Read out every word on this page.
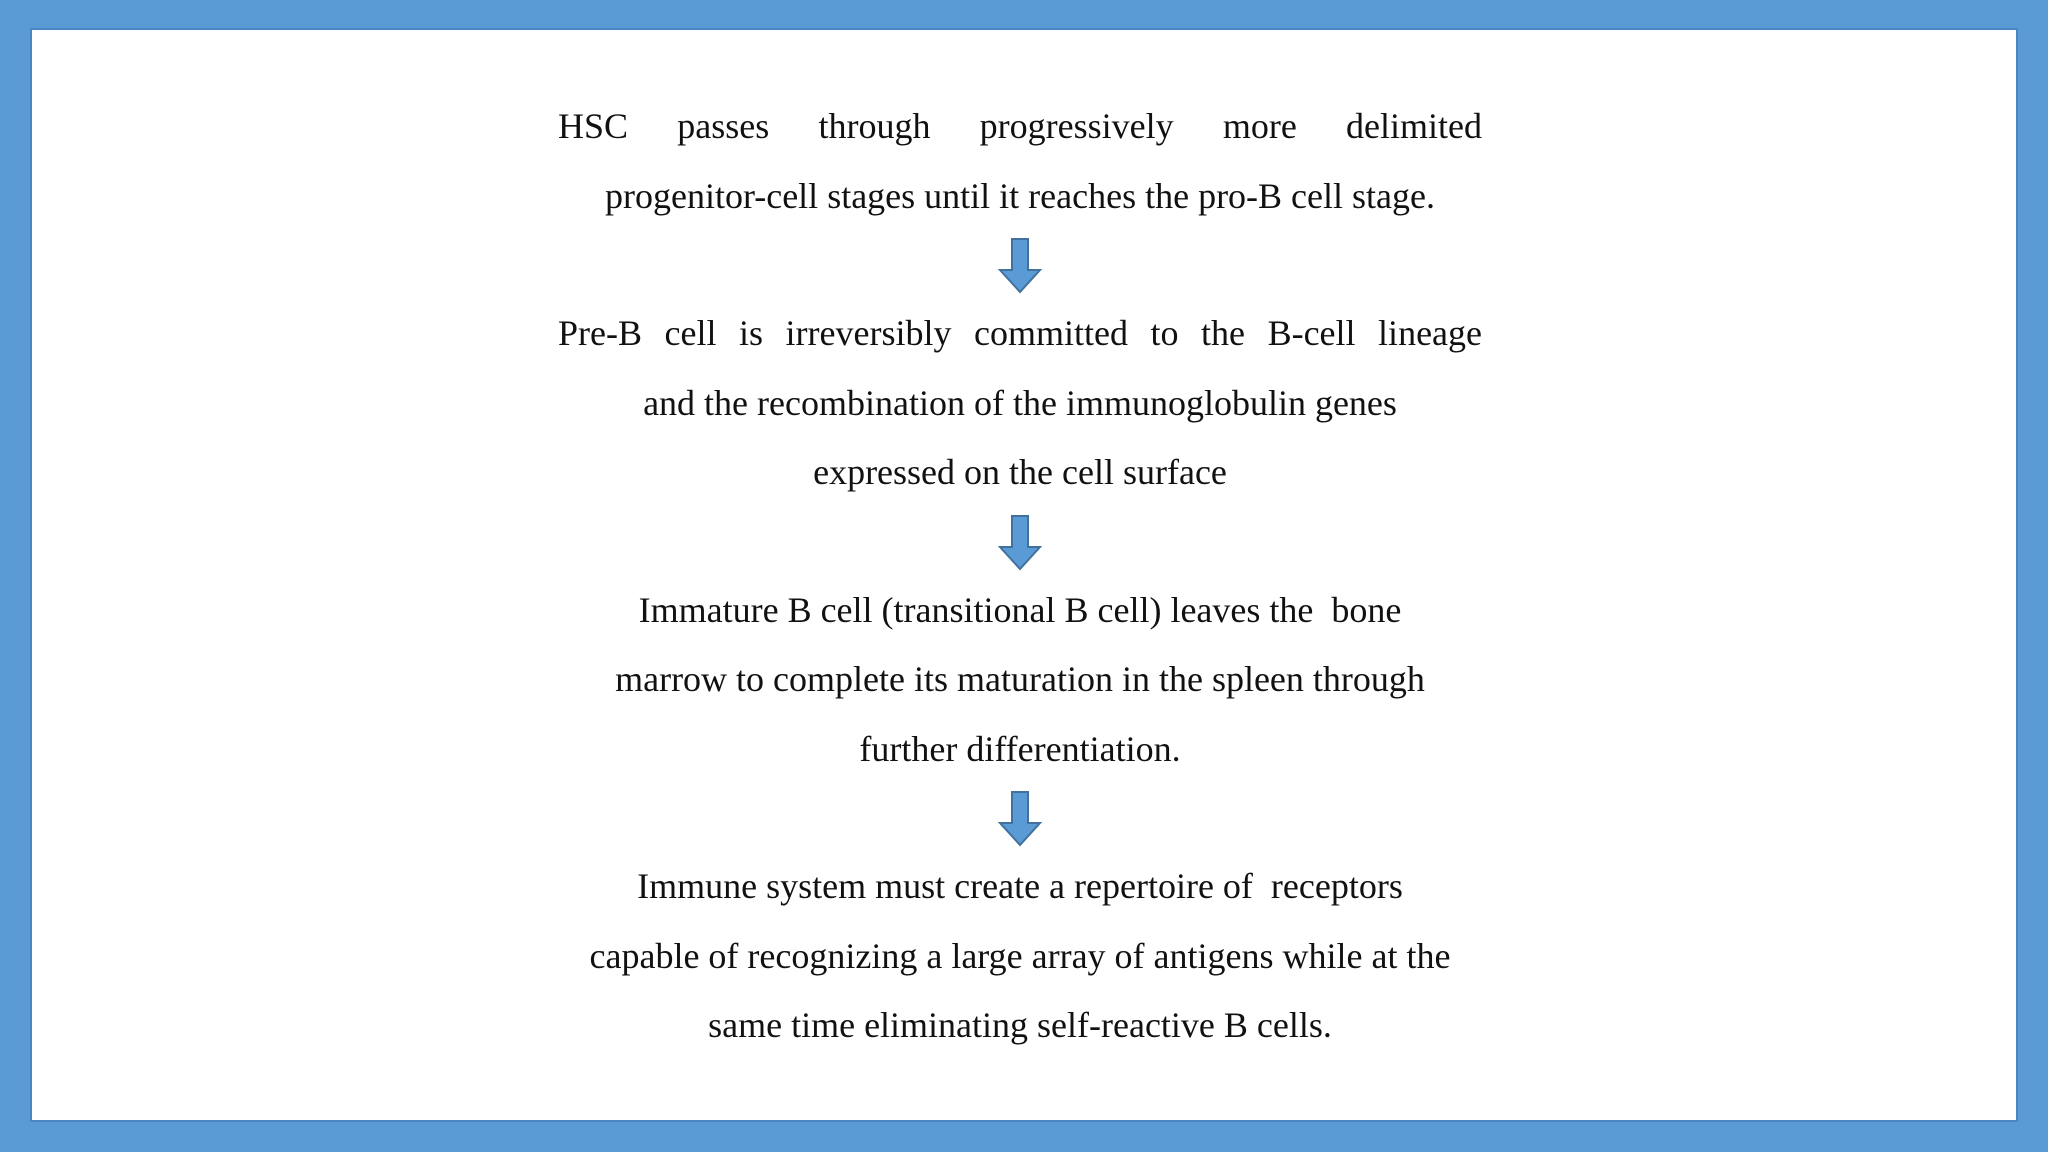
HSC passes through progressively more delimited
progenitor-cell stages until it reaches the pro-B cell stage.

Pre-B cell is irreversibly committed to the B-cell lineage
and the recombination of the immunoglobulin genes
expressed on the cell surface

Immature B cell (transitional B cell) leaves the  bone
marrow to complete its maturation in the spleen through
further differentiation.

Immune system must create a repertoire of  receptors
capable of recognizing a large array of antigens while at the
same time eliminating self-reactive B cells.
